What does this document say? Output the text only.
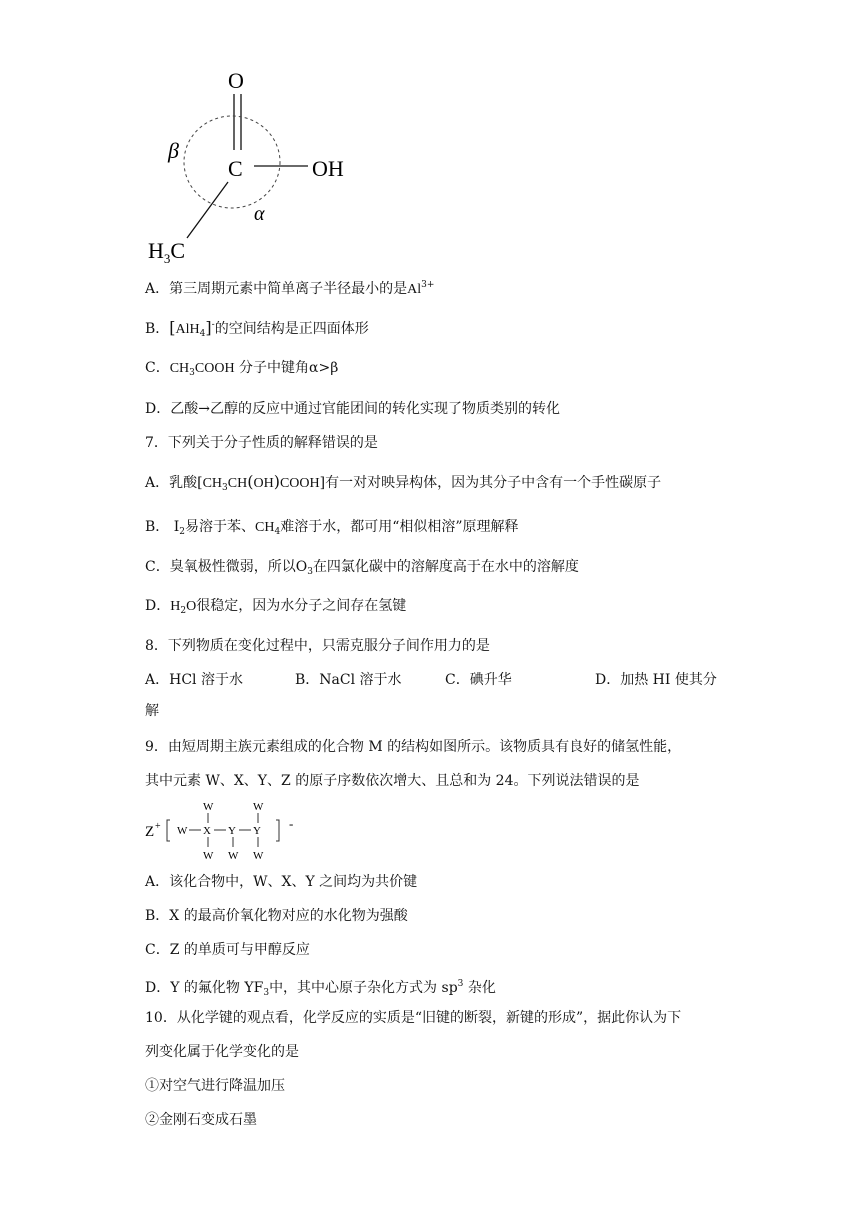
O
C	OH
β
α
$H_3C$
A．第三周期元素中简单离子半径最小的是$Al^{3+}$
B．[AlH$_4$]-的空间结构是正四面体形
C．$CH_3COOH$ 分子中键角α>β
D．乙酸→乙醇的反应中通过官能团间的转化实现了物质类别的转化
7．下列关于分子性质的解释错误的是
A．乳酸$[CH_3CH(OH)COOH]$有一对对映异构体，因为其分子中含有一个手性碳原子
B． $I_2$易溶于苯、$CH_4$难溶于水，都可用“相似相溶”原理解释
C．臭氧极性微弱，所以$O_3$在四氯化碳中的溶解度高于在水中的溶解度
D．$H_2O$很稳定，因为水分子之间存在氢键
8．下列物质在变化过程中，只需克服分子间作用力的是
A．HCl 溶于水	B．NaCl 溶于水	C．碘升华	D．加热 HI 使其分
解
9．由短周期主族元素组成的化合物 M 的结构如图所示。该物质具有良好的储氢性能，
其中元素 W、X、Y、Z 的原子序数依次增大、且总和为 24。下列说法错误的是
Z + W X
W
W
Y
W
Y
W
W
-
A．该化合物中，W、X、Y 之间均为共价键
B．X 的最高价氧化物对应的水化物为强酸
C．Z 的单质可与甲醇反应
D．Y 的氟化物 $YF_3$中，其中心原子杂化方式为 $sp^3$ 杂化
10．从化学键的观点看，化学反应的实质是“旧键的断裂，新键的形成”，据此你认为下
列变化属于化学变化的是
①对空气进行降温加压
②金刚石变成石墨
